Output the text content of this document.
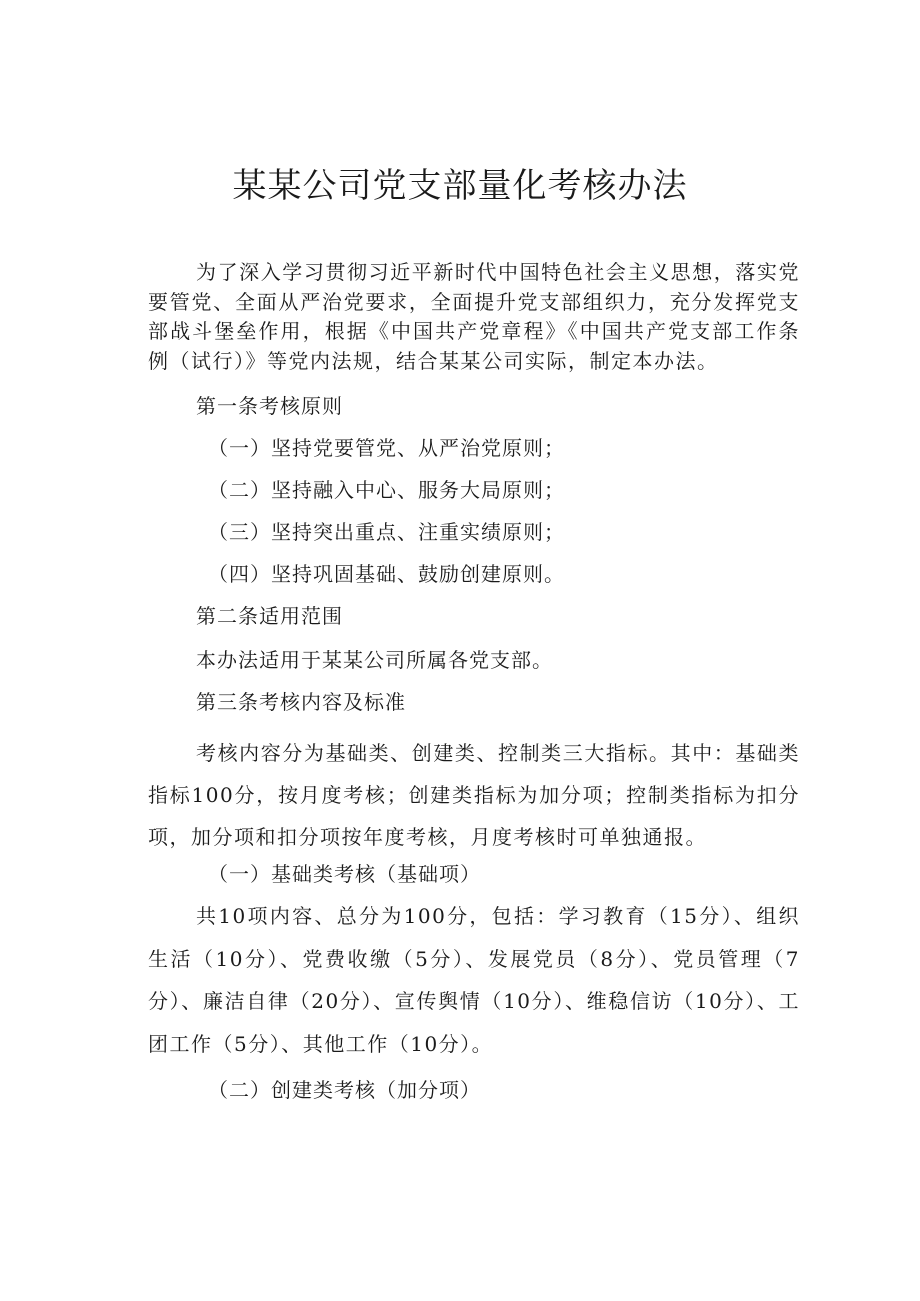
某某公司党支部量化考核办法

为了深入学习贯彻习近平新时代中国特色社会主义思想，落实党要管党、全面从严治党要求，全面提升党支部组织力，充分发挥党支部战斗堡垒作用，根据《中国共产党章程》《中国共产党支部工作条例（试行）》等党内法规，结合某某公司实际，制定本办法。

第一条考核原则

（一）坚持党要管党、从严治党原则；

（二）坚持融入中心、服务大局原则；

（三）坚持突出重点、注重实绩原则；

（四）坚持巩固基础、鼓励创建原则。

第二条适用范围

本办法适用于某某公司所属各党支部。

第三条考核内容及标准

考核内容分为基础类、创建类、控制类三大指标。其中：基础类指标100分，按月度考核；创建类指标为加分项；控制类指标为扣分项，加分项和扣分项按年度考核，月度考核时可单独通报。

（一）基础类考核（基础项）

共10项内容、总分为100分，包括：学习教育（15分）、组织生活（10分）、党费收缴（5分）、发展党员（8分）、党员管理（7分）、廉洁自律（20分）、宣传舆情（10分）、维稳信访（10分）、工团工作（5分）、其他工作（10分）。

（二）创建类考核（加分项）
